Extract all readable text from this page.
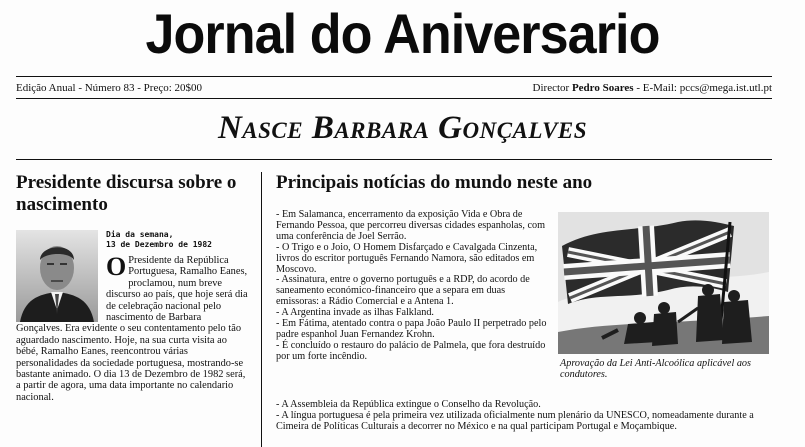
Jornal do Aniversario
Edição Anual - Número 83 - Preço: 20$00	Director Pedro Soares - E-Mail: pccs@mega.ist.utl.pt
Nasce Barbara Gonçalves
Presidente discursa sobre o nascimento
Dia da semana,
13 de Dezembro de 1982
O Presidente da República Portuguesa, Ramalho Eanes, proclamou, num breve discurso ao país, que hoje será dia de celebração nacional pelo nascimento de Barbara Gonçalves. Era evidente o seu contentamento pelo tão aguardado nascimento. Hoje, na sua curta visita ao bébé, Ramalho Eanes, reencontrou várias personalidades da sociedade portuguesa, mostrando-se bastante animado. O dia 13 de Dezembro de 1982 será, a partir de agora, uma data importante no calendario nacional.
Principais notícias do mundo neste ano

- Em Salamanca, encerramento da exposição Vida e Obra de Fernando Pessoa, que percorreu diversas cidades espanholas, com uma conferência de Joel Serrão.

- O Trigo e o Joio, O Homem Disfarçado e Cavalgada Cinzenta, livros do escritor português Fernando Namora, são editados em Moscovo.

- Assinatura, entre o governo português e a RDP, do acordo de saneamento económico-financeiro que a separa em duas emissoras: a Rádio Comercial e a Antena 1.

- A Argentina invade as ilhas Falkland.

- Em Fátima, atentado contra o papa João Paulo II perpetrado pelo padre espanhol Juan Fernandez Krohn.

- É concluído o restauro do palácio de Palmela, que fora destruído por um forte incêndio.

- A Assembleia da República extingue o Conselho da Revolução.

- A língua portuguesa é pela primeira vez utilizada oficialmente num plenário da UNESCO, nomeadamente durante a Cimeira de Políticas Culturais a decorrer no México e na qual participam Portugal e Moçambique.

Aprovação da Lei Anti-Alcoólica aplicável aos condutores.
